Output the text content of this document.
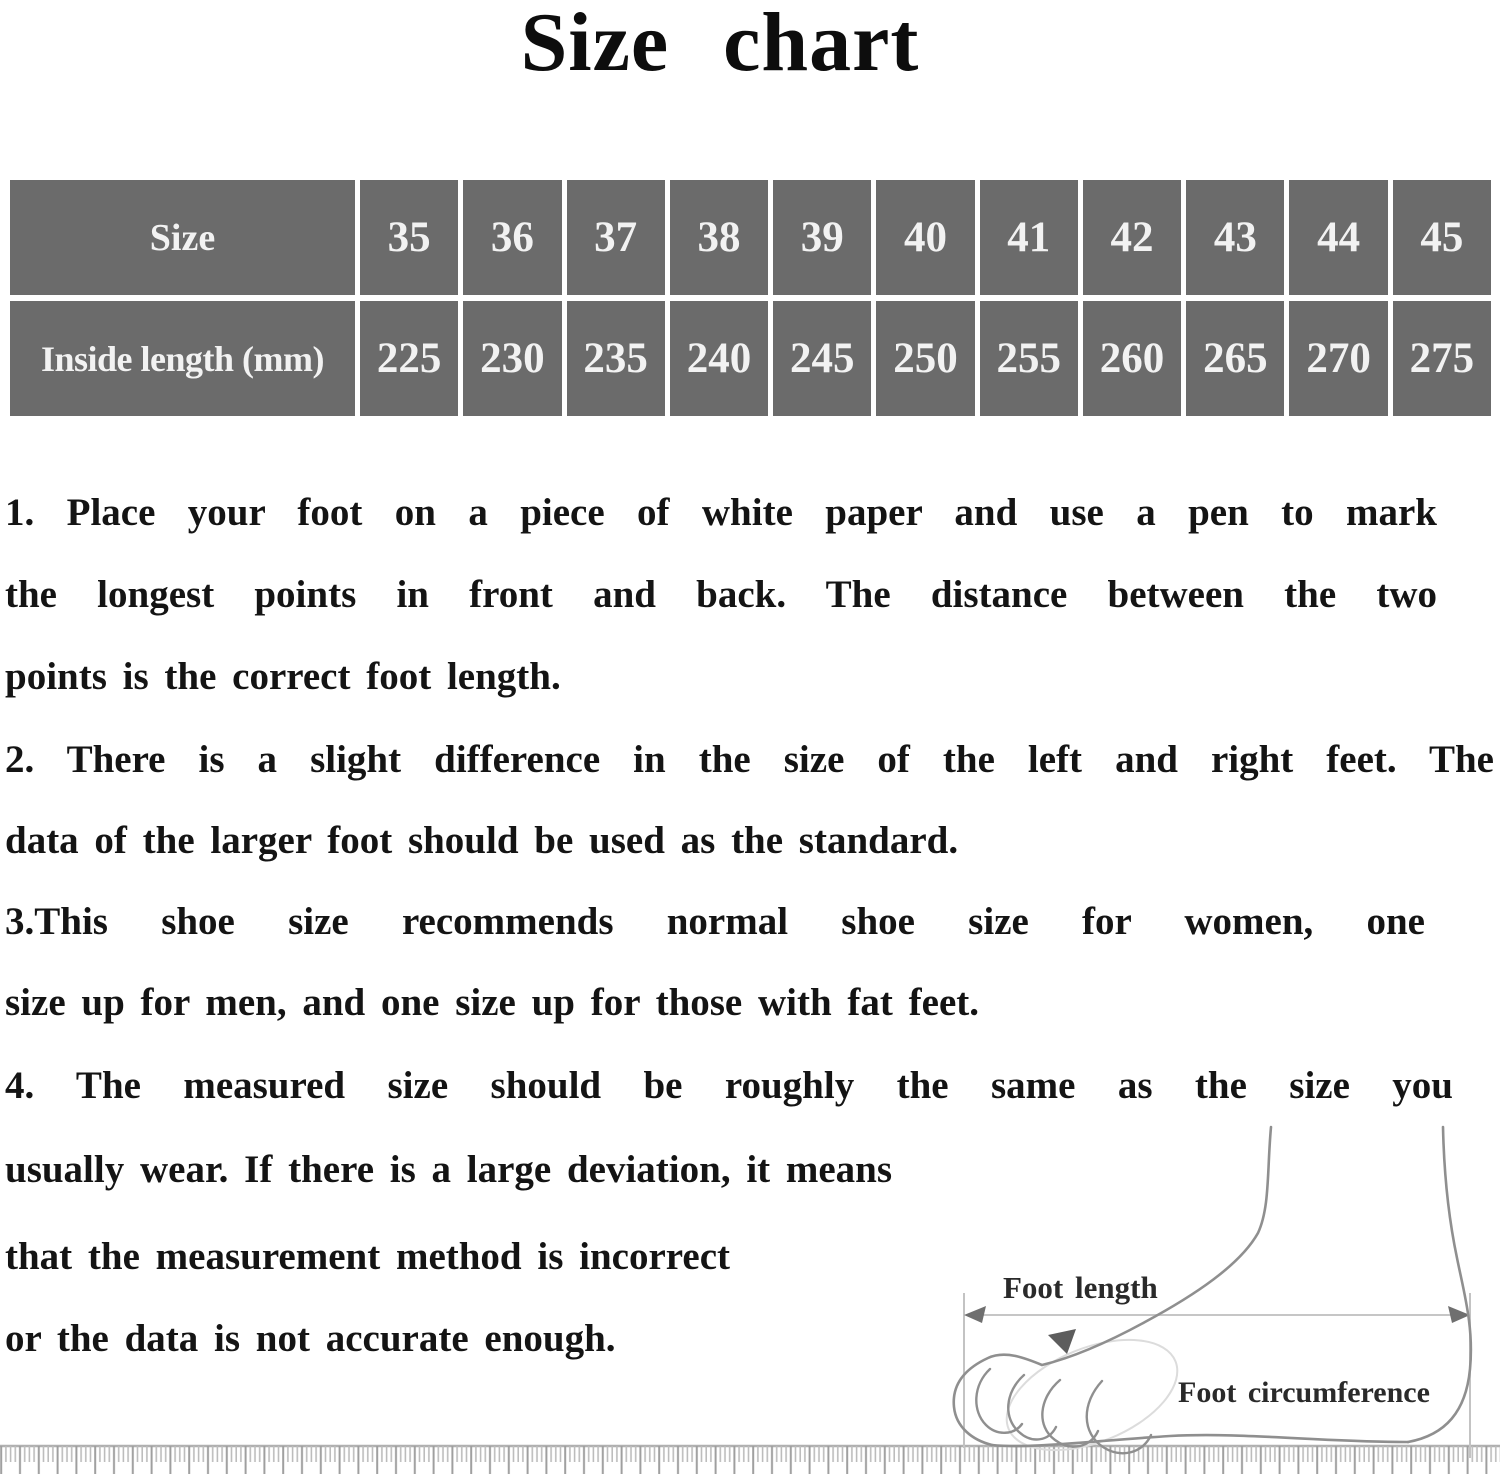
Size chart
Size	35	36	37	38	39	40	41	42	43	44	45
Inside length (mm)	225 230 235 240 245 250 255 260 265 270 275
1. Place your foot on a piece of white paper and use a pen to mark
the longest points in front and back. The distance between the two
points is the correct foot length.
2. There is a slight difference in the size of the left and right feet. The
data of the larger foot should be used as the standard.
3.This shoe size recommends normal shoe size for women, one
size up for men, and one size up for those with fat feet.
4. The measured size should be roughly the same as the size you
usually wear. If there is a large deviation, it means
that the measurement method is incorrect
or the data is not accurate enough.
Foot length
Foot circumference
